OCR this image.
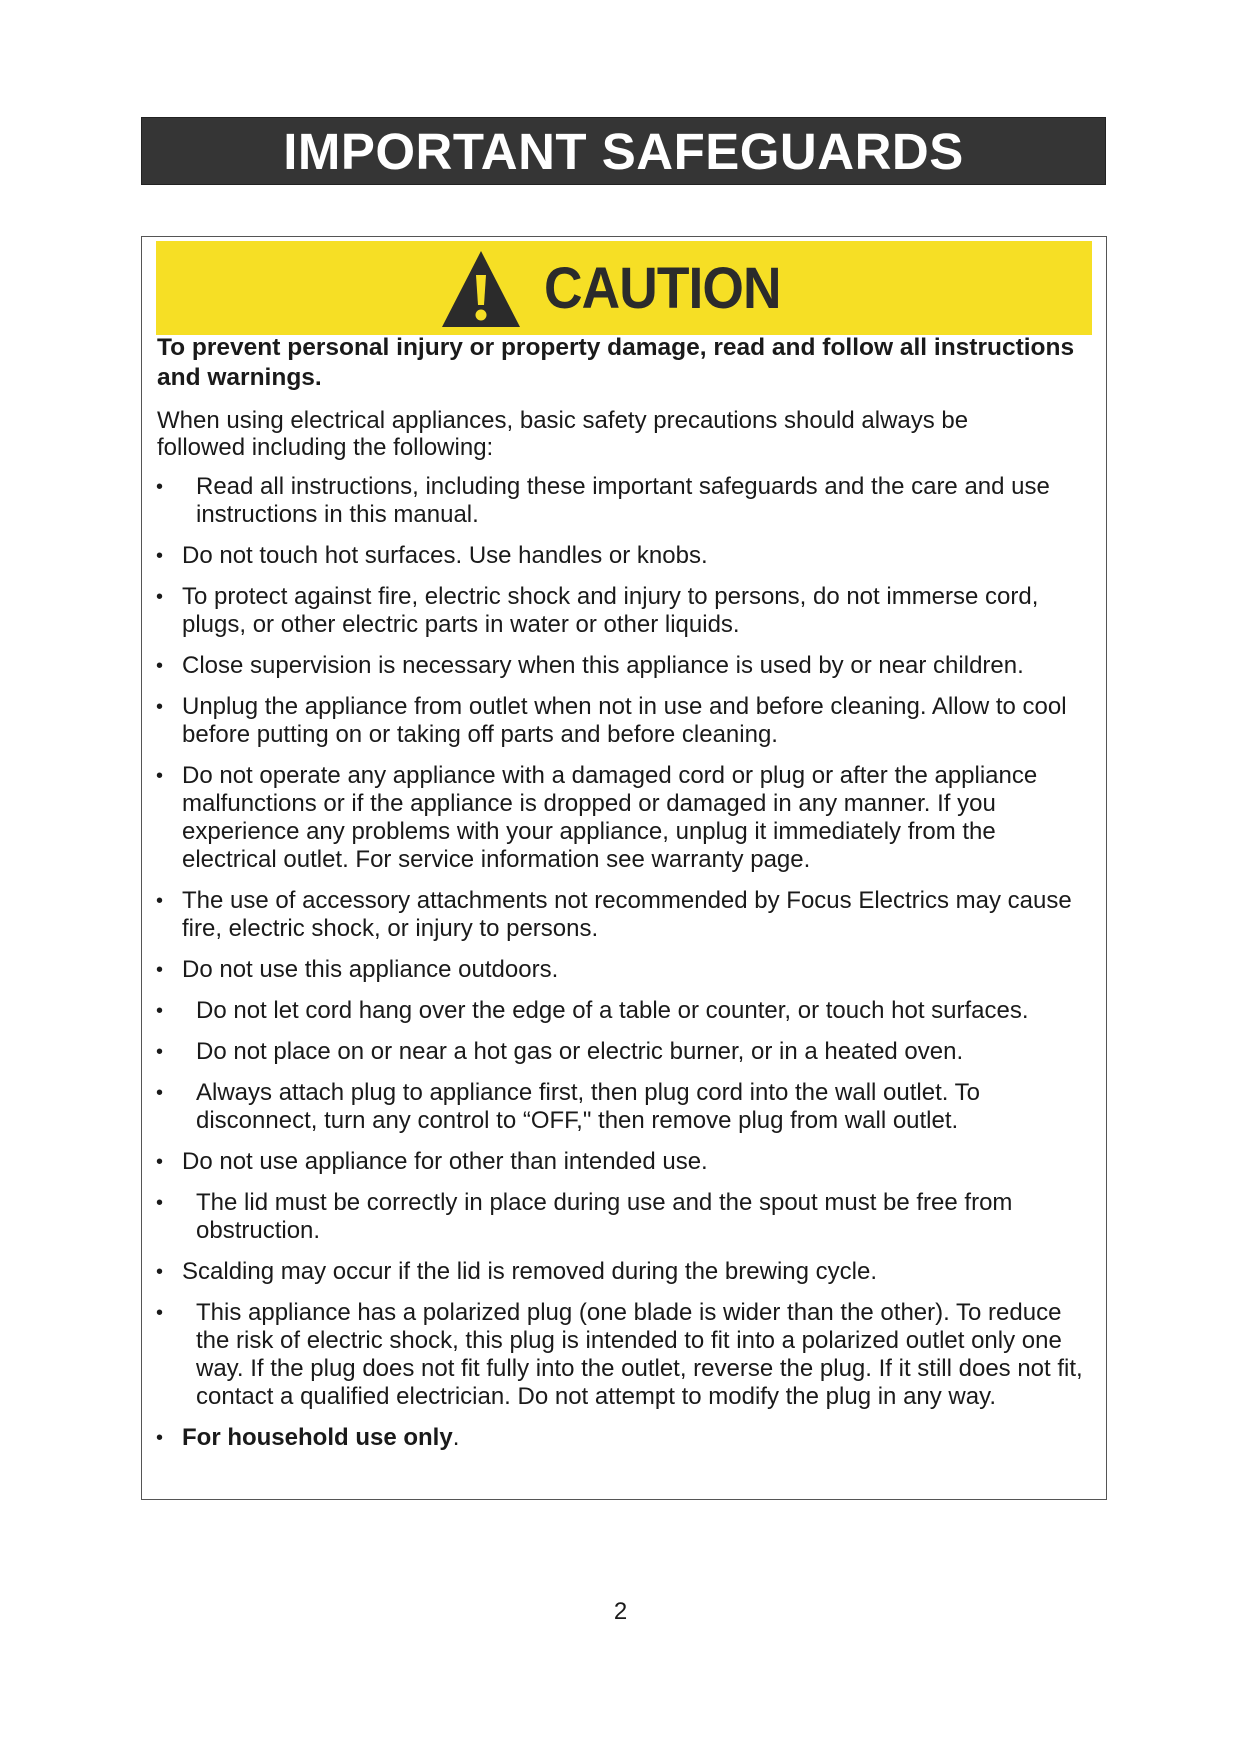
IMPORTANT SAFEGUARDS
CAUTION

To prevent personal injury or property damage, read and follow all instructions and warnings.

When using electrical appliances, basic safety precautions should always be followed including the following:

• Read all instructions, including these important safeguards and the care and use instructions in this manual.
• Do not touch hot surfaces. Use handles or knobs.
• To protect against fire, electric shock and injury to persons, do not immerse cord, plugs, or other electric parts in water or other liquids.
• Close supervision is necessary when this appliance is used by or near children.
• Unplug the appliance from outlet when not in use and before cleaning. Allow to cool before putting on or taking off parts and before cleaning.
• Do not operate any appliance with a damaged cord or plug or after the appliance malfunctions or if the appliance is dropped or damaged in any manner. If you experience any problems with your appliance, unplug it immediately from the electrical outlet. For service information see warranty page.
• The use of accessory attachments not recommended by Focus Electrics may cause fire, electric shock, or injury to persons.
• Do not use this appliance outdoors.
• Do not let cord hang over the edge of a table or counter, or touch hot surfaces.
• Do not place on or near a hot gas or electric burner, or in a heated oven.
• Always attach plug to appliance first, then plug cord into the wall outlet. To disconnect, turn any control to “OFF," then remove plug from wall outlet.
• Do not use appliance for other than intended use.
• The lid must be correctly in place during use and the spout must be free from obstruction.
• Scalding may occur if the lid is removed during the brewing cycle.
• This appliance has a polarized plug (one blade is wider than the other). To reduce the risk of electric shock, this plug is intended to fit into a polarized outlet only one way. If the plug does not fit fully into the outlet, reverse the plug. If it still does not fit, contact a qualified electrician. Do not attempt to modify the plug in any way.
• For household use only.
2
